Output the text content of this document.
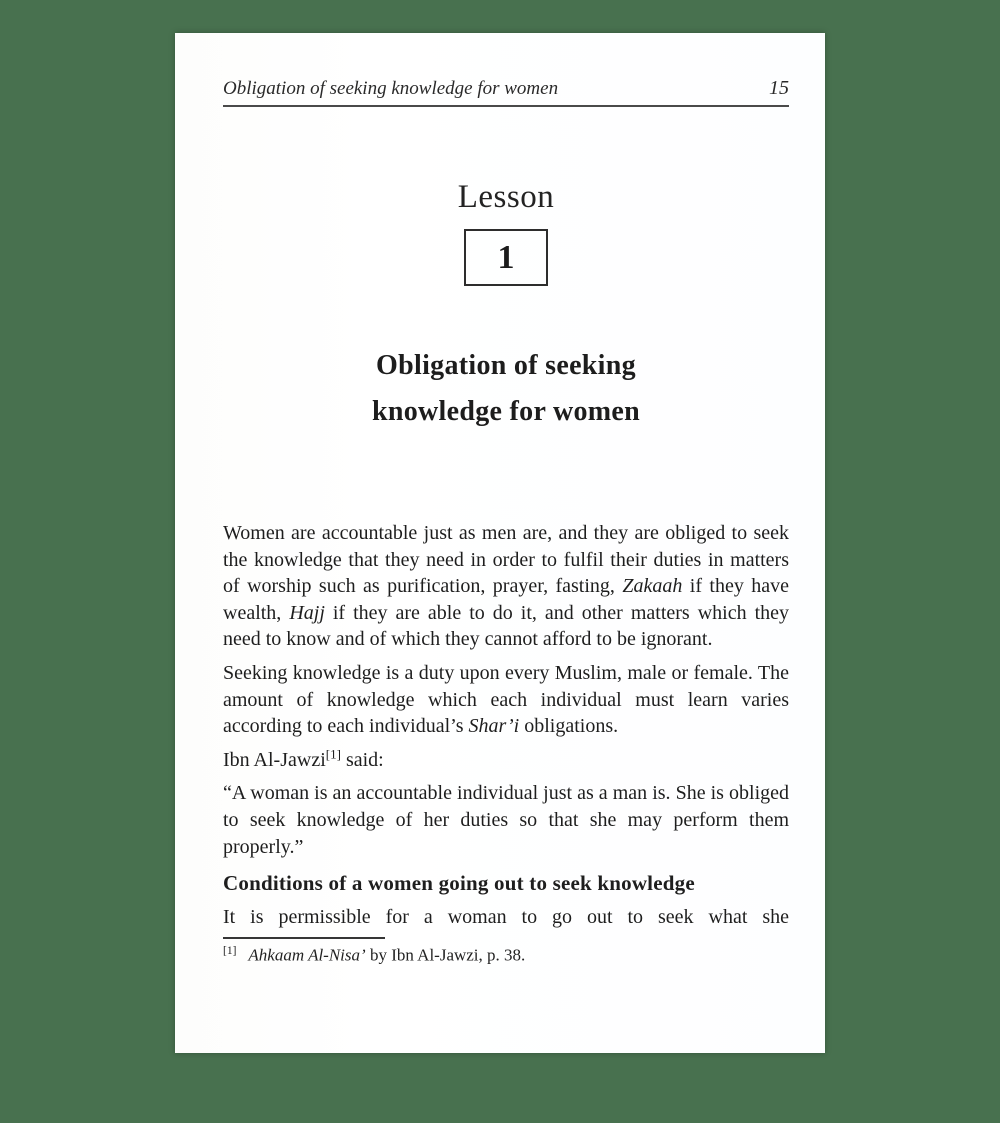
Obligation of seeking knowledge for women	15
Lesson
1
Obligation of seeking
knowledge for women

Women are accountable just as men are, and they are obliged to seek the knowledge that they need in order to fulfil their duties in matters of worship such as purification, prayer, fasting, Zakaah if they have wealth, Hajj if they are able to do it, and other matters which they need to know and of which they cannot afford to be ignorant.

Seeking knowledge is a duty upon every Muslim, male or female. The amount of knowledge which each individual must learn varies according to each individual’s Shar’i obligations.

Ibn Al-Jawzi[1] said:

“A woman is an accountable individual just as a man is. She is obliged to seek knowledge of her duties so that she may perform them properly.”

Conditions of a women going out to seek knowledge

It is permissible for a woman to go out to seek what she

[1] Ahkaam Al-Nisa’ by Ibn Al-Jawzi, p. 38.
